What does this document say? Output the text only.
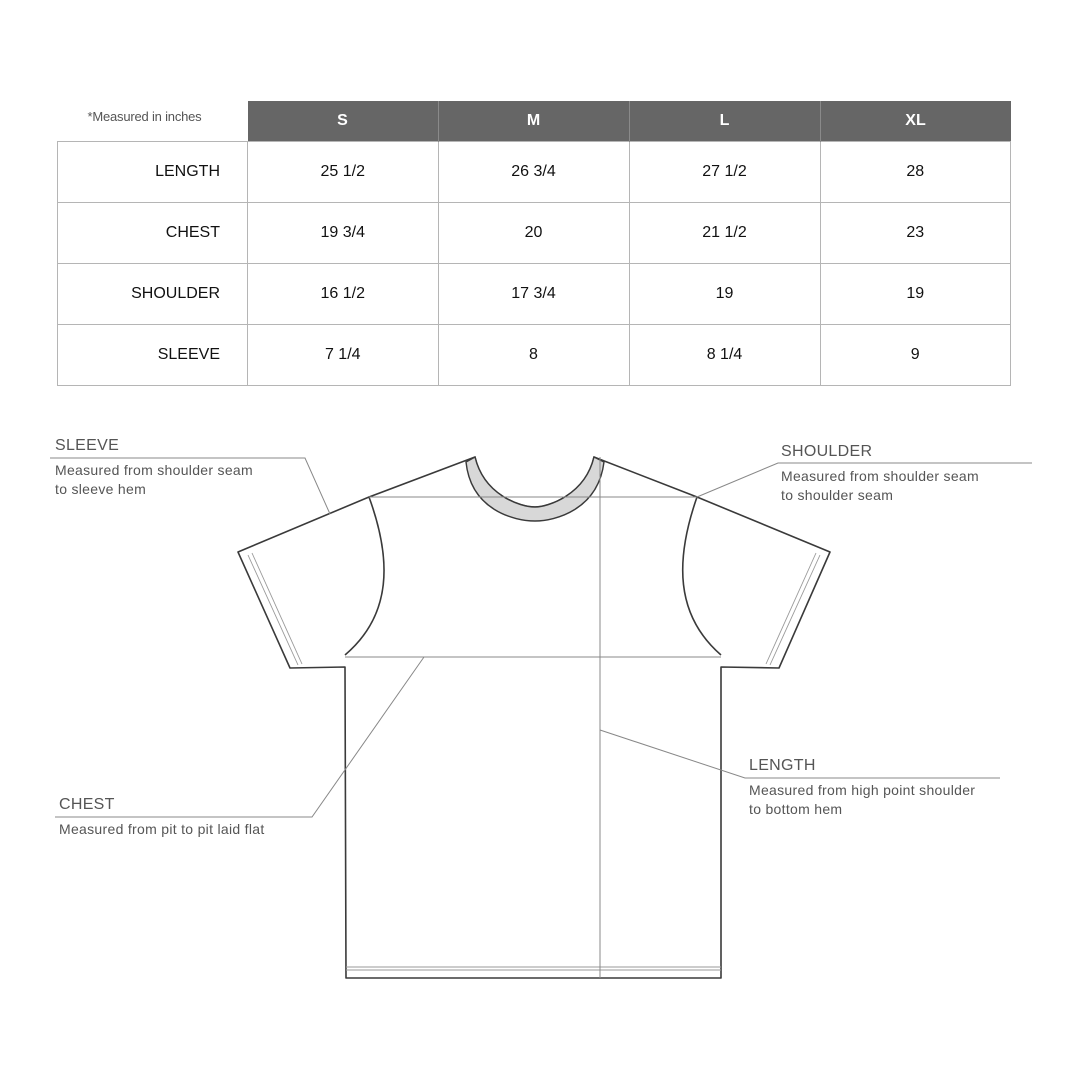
*Measured in inches	S	M	L	XL
LENGTH	25 1/2	26 3/4	27 1/2	28
CHEST	19 3/4	20	21 1/2	23
SHOULDER	16 1/2	17 3/4	19	19
SLEEVE	7 1/4	8	8 1/4	9
SLEEVE
Measured from shoulder seam
to sleeve hem
SHOULDER
Measured from shoulder seam
to shoulder seam
CHEST
Measured from pit to pit laid flat
LENGTH
Measured from high point shoulder
to bottom hem
